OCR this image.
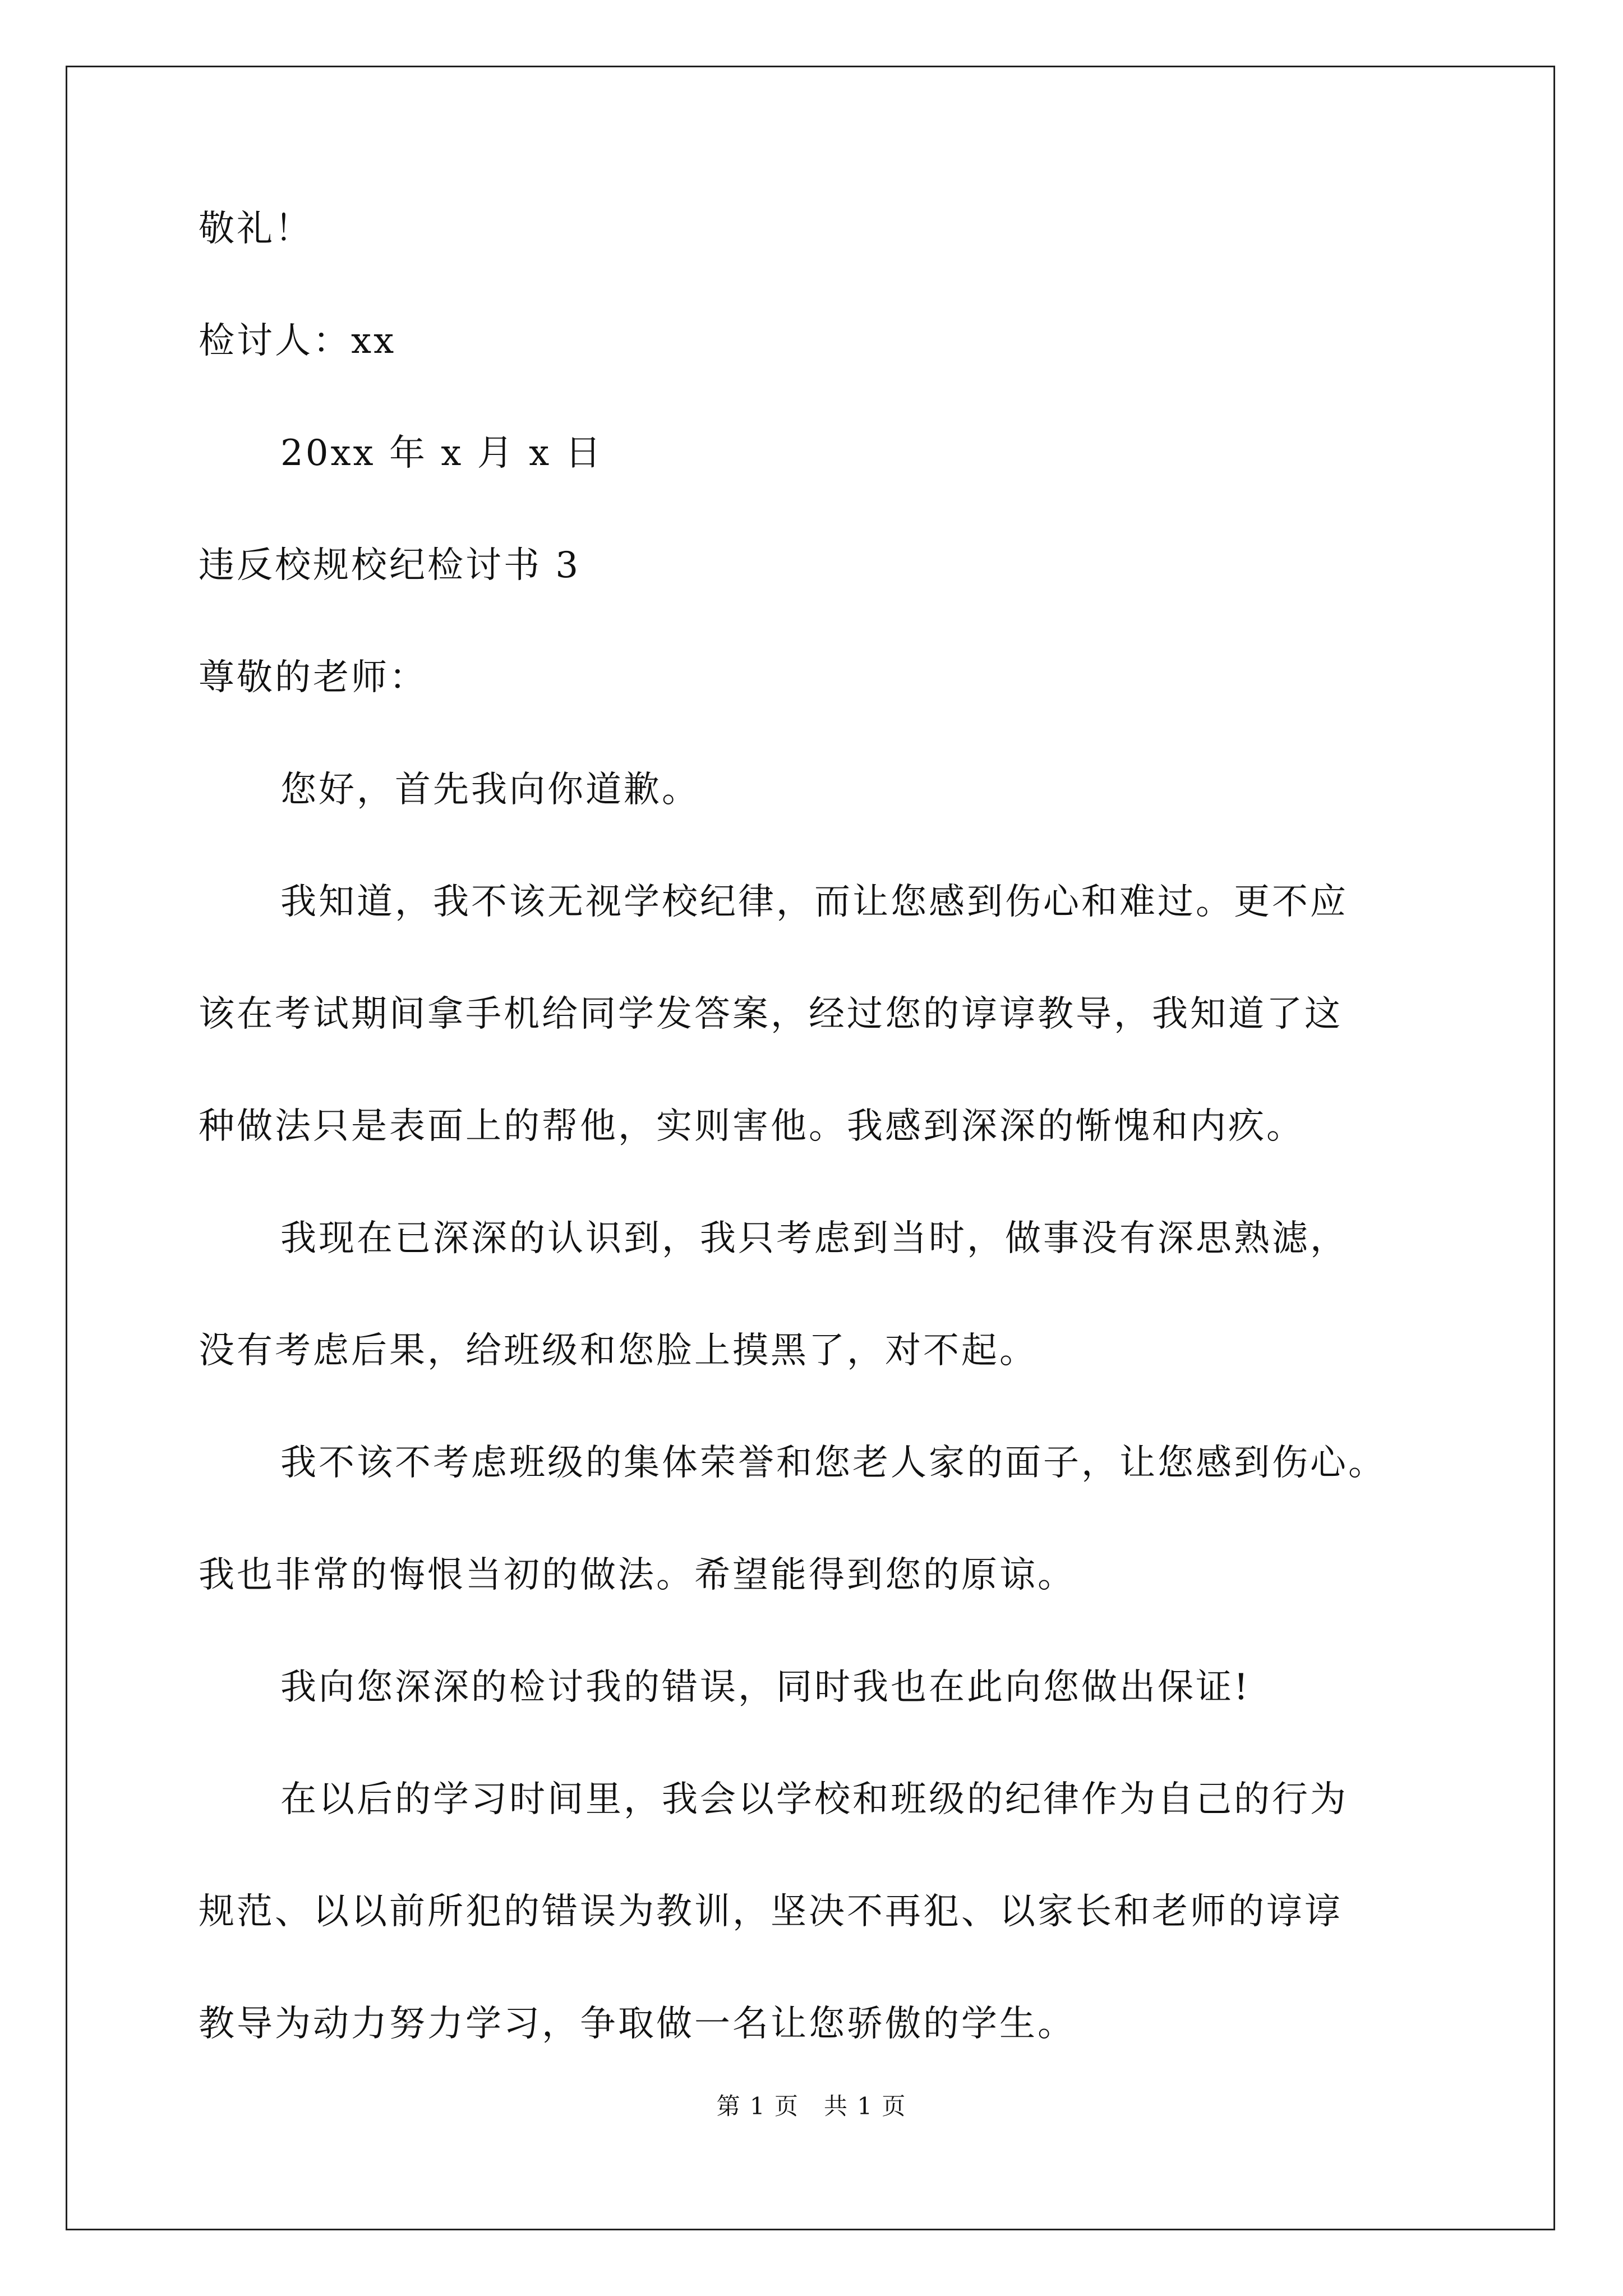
敬礼！
检讨人：xx
20xx 年 x 月 x 日
违反校规校纪检讨书 3
尊敬的老师：
您好，首先我向你道歉。
我知道，我不该无视学校纪律，而让您感到伤心和难过。更不应
该在考试期间拿手机给同学发答案，经过您的谆谆教导，我知道了这
种做法只是表面上的帮他，实则害他。我感到深深的惭愧和内疚。
我现在已深深的认识到，我只考虑到当时，做事没有深思熟滤，
没有考虑后果，给班级和您脸上摸黑了，对不起。
我不该不考虑班级的集体荣誉和您老人家的面子，让您感到伤心。
我也非常的悔恨当初的做法。希望能得到您的原谅。
我向您深深的检讨我的错误，同时我也在此向您做出保证!
在以后的学习时间里，我会以学校和班级的纪律作为自己的行为
规范、以以前所犯的错误为教训，坚决不再犯、以家长和老师的谆谆
教导为动力努力学习，争取做一名让您骄傲的学生。
第 1 页　共 1 页
